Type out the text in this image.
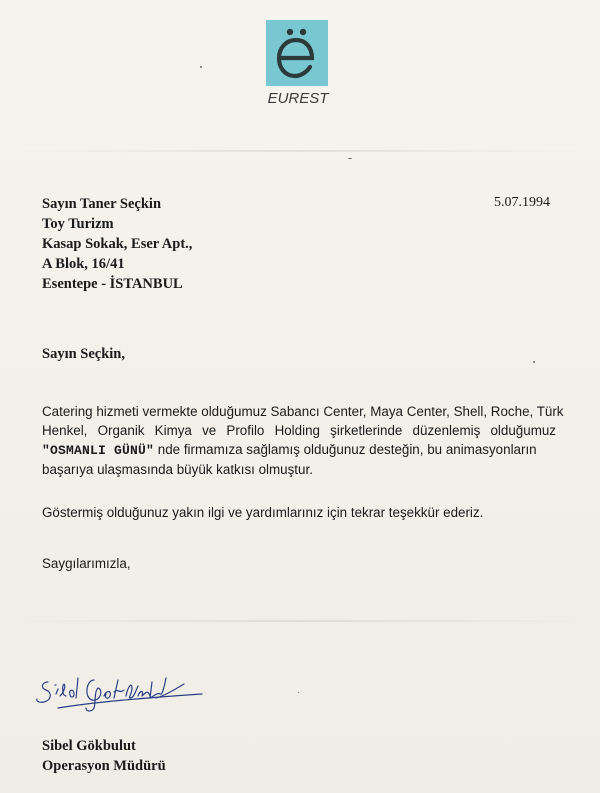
EUREST
5.07.1994
Sayın Taner Seçkin
Toy Turizm
Kasap Sokak, Eser Apt.,
A Blok, 16/41
Esentepe - İSTANBUL
Sayın Seçkin,
Catering hizmeti vermekte olduğumuz Sabancı Center, Maya Center, Shell, Roche, Türk
Henkel, Organik Kimya ve Profilo Holding şirketlerinde düzenlemiş olduğumuz
"OSMANLI GÜNÜ" nde firmamıza sağlamış olduğunuz desteğin, bu animasyonların
başarıya ulaşmasında büyük katkısı olmuştur.
Göstermiş olduğunuz yakın ilgi ve yardımlarınız için tekrar teşekkür ederiz.
Saygılarımızla,
Sibel Gökbulut
Operasyon Müdürü
